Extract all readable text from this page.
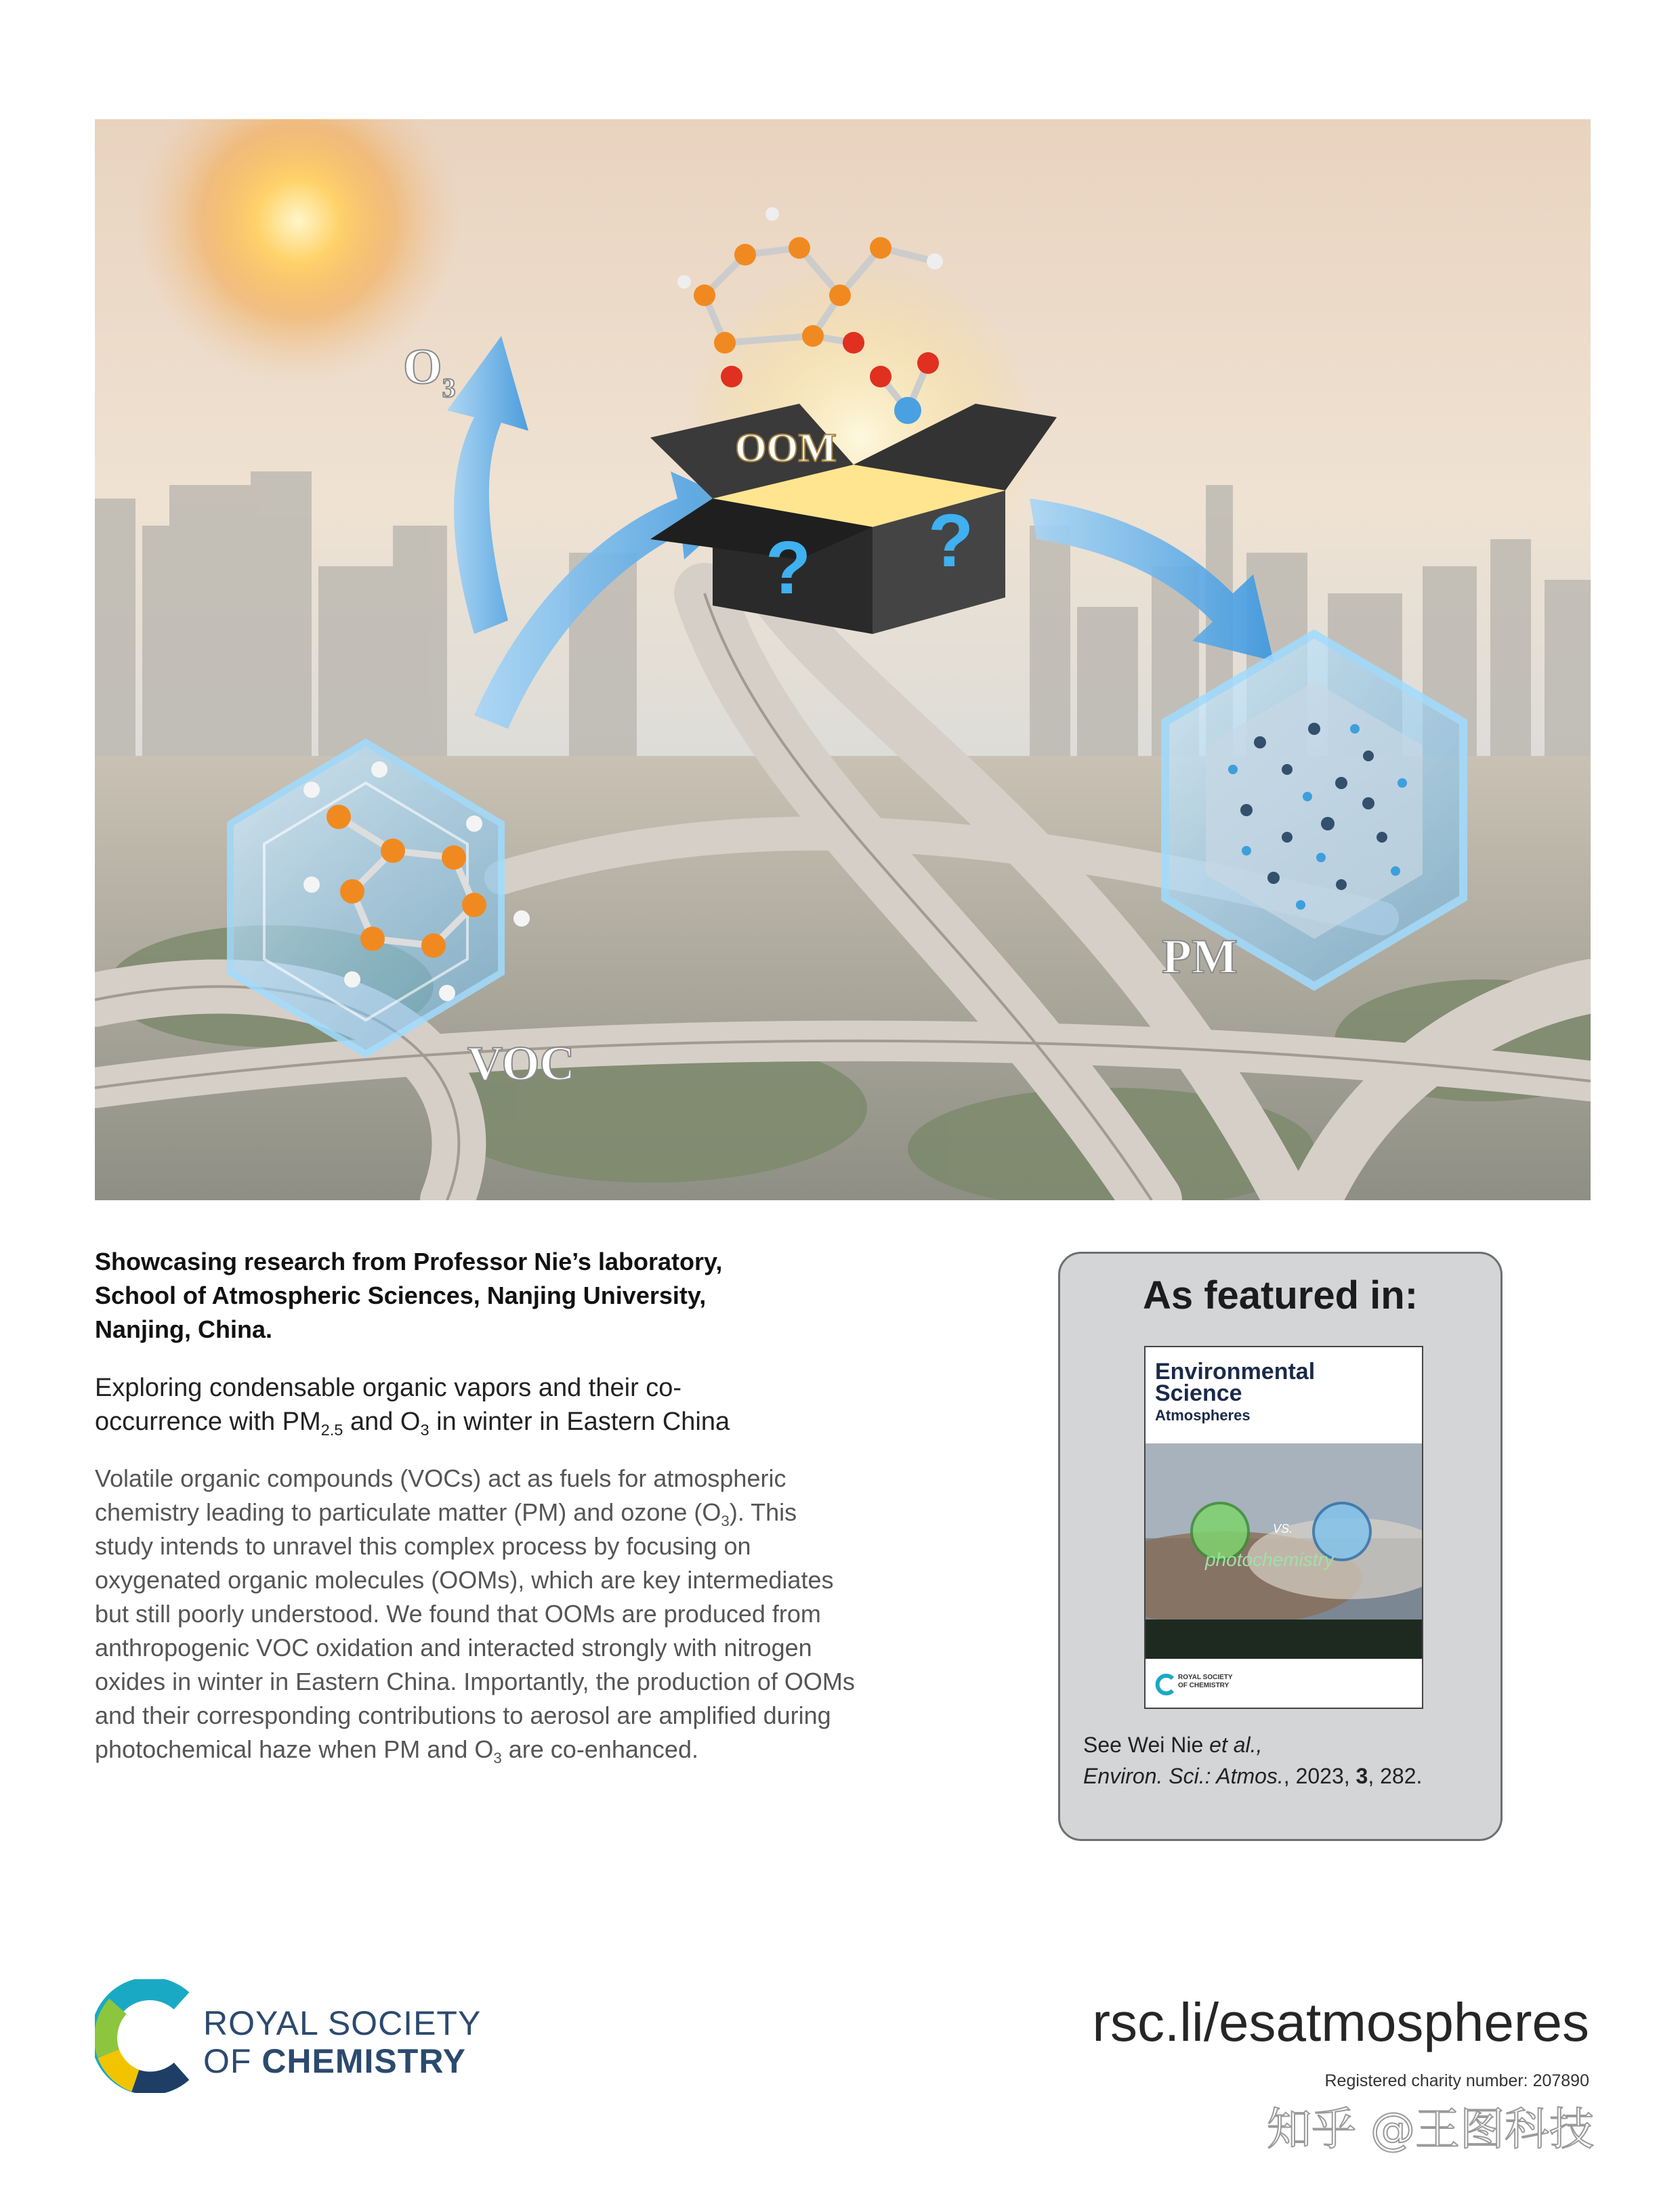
$O_3$
? ?
OOM
VOC
PM

Showcasing research from Professor Nie’s laboratory,
School of Atmospheric Sciences, Nanjing University,
Nanjing, China.

Exploring condensable organic vapors and their co-
occurrence with $PM_{2.5}$ and $O_3$ in winter in Eastern China

Volatile organic compounds (VOCs) act as fuels for atmospheric chemistry leading to particulate matter (PM) and ozone $(O_3)$. This study intends to unravel this complex process by focusing on oxygenated organic molecules (OOMs), which are key intermediates but still poorly understood. We found that OOMs are produced from anthropogenic VOC oxidation and interacted strongly with nitrogen oxides in winter in Eastern China. Importantly, the production of OOMs and their corresponding contributions to aerosol are amplified during photochemical haze when PM and $O_3$ are co-enhanced.

As featured in:

Environmental
Science
Atmospheres
VS.
photochemistry
ROYAL SOCIETY
OF CHEMISTRY

See Wei Nie et al.,
Environ. Sci.: Atmos., 2023, 3, 282.

ROYAL SOCIETY
OF CHEMISTRY
rsc.li/esatmospheres
Registered charity number: 207890
知乎 @王图科技
